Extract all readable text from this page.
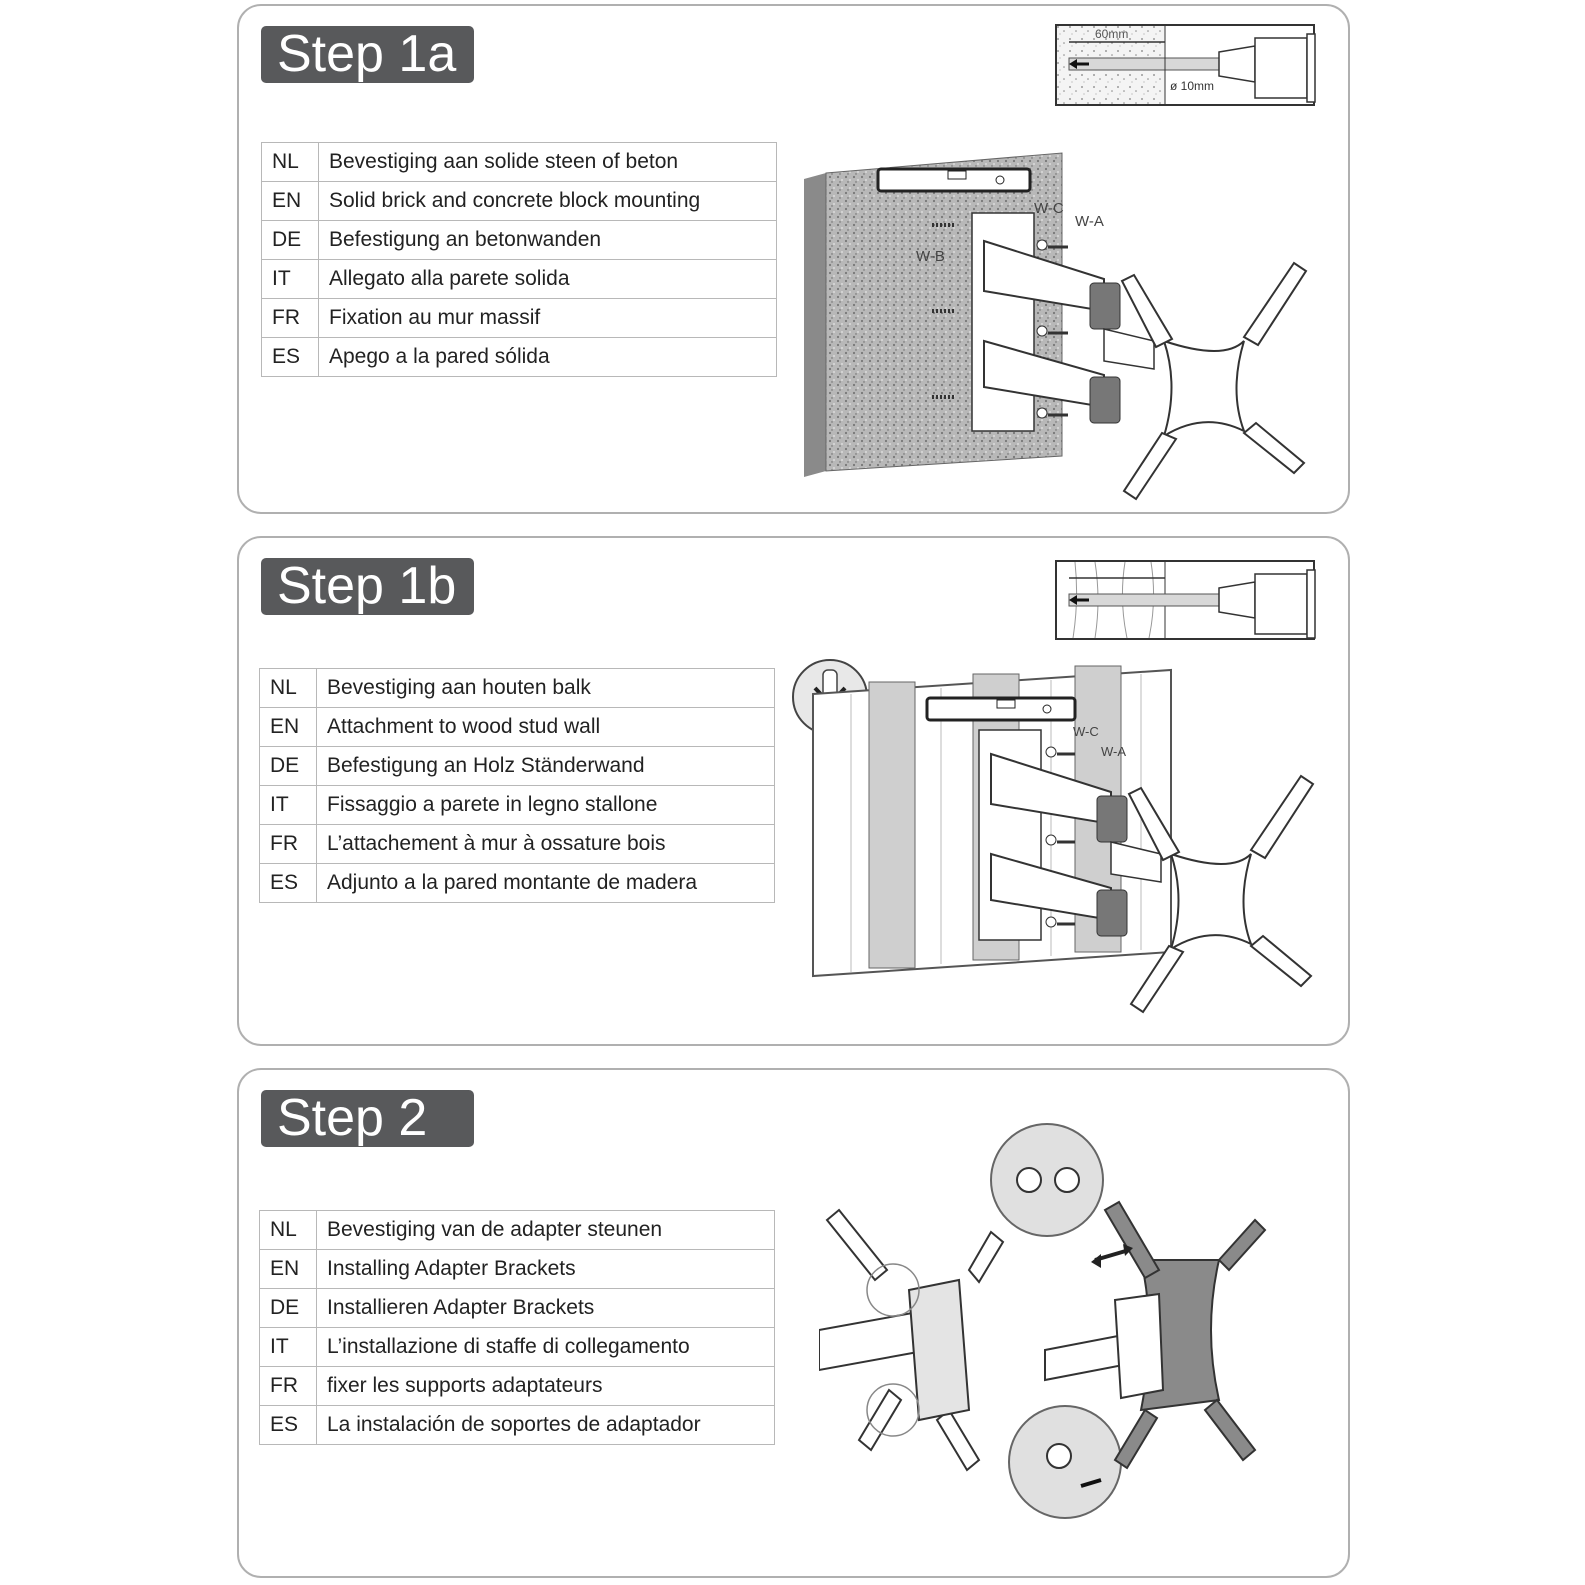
Step 1a
NL	Bevestiging aan solide steen of beton
EN	Solid brick and concrete block mounting
DE	Befestigung an betonwanden
IT	Allegato alla parete solida
FR	Fixation au mur massif
ES	Apego a la pared sólida
60mm
ø 10mm
W-C
W-A
W-B
Step 1b
NL	Bevestiging aan houten balk
EN	Attachment to wood stud wall
DE	Befestigung an Holz Ständerwand
IT	Fissaggio a parete in legno stallone
FR	L’attachement à mur à ossature bois
ES	Adjunto a la pared montante de madera
W-C
W-A
Step 2
NL	Bevestiging van de adapter steunen
EN	Installing Adapter Brackets
DE	Installieren Adapter Brackets
IT	L’installazione di staffe di collegamento
FR	fixer les supports adaptateurs
ES	La instalación de soportes de adaptador
